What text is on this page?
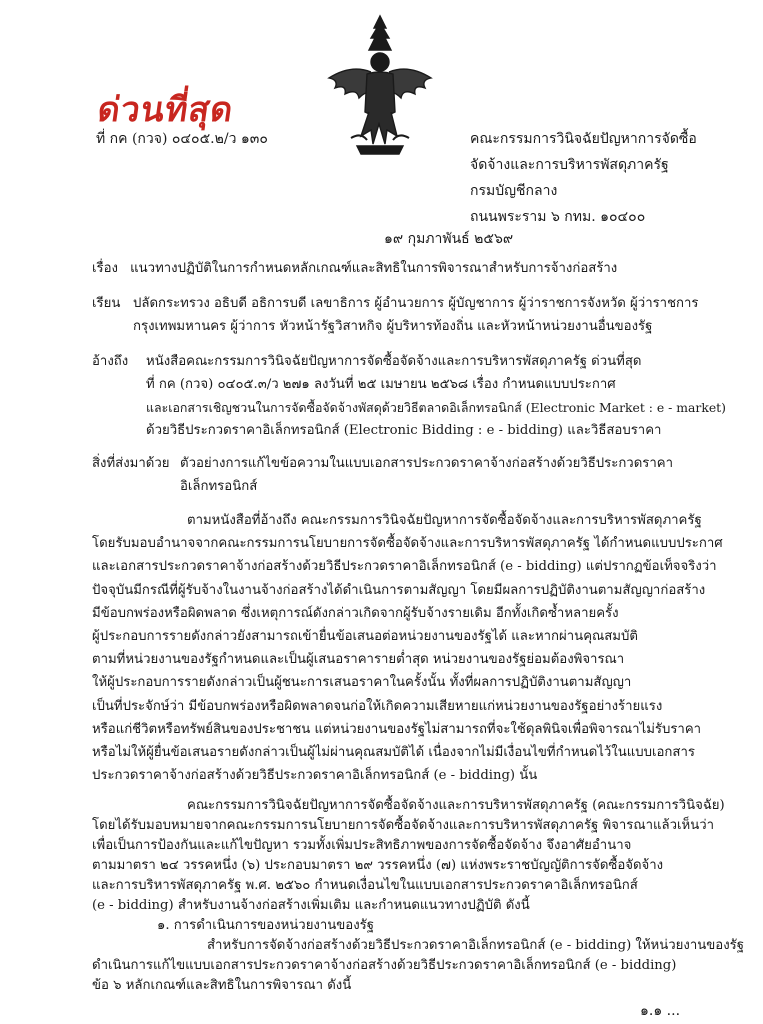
ด่วนที่สุด
ที่ กค (กวจ) ๐๔๐๕.๒/ว ๑๓๐	คณะกรรมการวินิจฉัยปัญหาการจัดซื้อ
จัดจ้างและการบริหารพัสดุภาครัฐ
กรมบัญชีกลาง
ถนนพระราม ๖ กทม. ๑๐๔๐๐
๑๙ กุมภาพันธ์ ๒๕๖๙
เรื่อง แนวทางปฏิบัติในการกำหนดหลักเกณฑ์และสิทธิในการพิจารณาสำหรับการจ้างก่อสร้าง
เรียน ปลัดกระทรวง อธิบดี อธิการบดี เลขาธิการ ผู้อำนวยการ ผู้บัญชาการ ผู้ว่าราชการจังหวัด ผู้ว่าราชการ
กรุงเทพมหานคร ผู้ว่าการ หัวหน้ารัฐวิสาหกิจ ผู้บริหารท้องถิ่น และหัวหน้าหน่วยงานอื่นของรัฐ
อ้างถึง หนังสือคณะกรรมการวินิจฉัยปัญหาการจัดซื้อจัดจ้างและการบริหารพัสดุภาครัฐ ด่วนที่สุด
ที่ กค (กวจ) ๐๔๐๕.๓/ว ๒๗๑ ลงวันที่ ๒๕ เมษายน ๒๕๖๘ เรื่อง กำหนดแบบประกาศ
และเอกสารเชิญชวนในการจัดซื้อจัดจ้างพัสดุด้วยวิธีตลาดอิเล็กทรอนิกส์ (Electronic Market : e - market)
ด้วยวิธีประกวดราคาอิเล็กทรอนิกส์ (Electronic Bidding : e - bidding) และวิธีสอบราคา
สิ่งที่ส่งมาด้วย ตัวอย่างการแก้ไขข้อความในแบบเอกสารประกวดราคาจ้างก่อสร้างด้วยวิธีประกวดราคา
อิเล็กทรอนิกส์

ตามหนังสือที่อ้างถึง คณะกรรมการวินิจฉัยปัญหาการจัดซื้อจัดจ้างและการบริหารพัสดุภาครัฐ

โดยรับมอบอำนาจจากคณะกรรมการนโยบายการจัดซื้อจัดจ้างและการบริหารพัสดุภาครัฐ ได้กำหนดแบบประกาศ

และเอกสารประกวดราคาจ้างก่อสร้างด้วยวิธีประกวดราคาอิเล็กทรอนิกส์ (e - bidding) แต่ปรากฏข้อเท็จจริงว่า

ปัจจุบันมีกรณีที่ผู้รับจ้างในงานจ้างก่อสร้างได้ดำเนินการตามสัญญา โดยมีผลการปฏิบัติงานตามสัญญาก่อสร้าง

มีข้อบกพร่องหรือผิดพลาด ซึ่งเหตุการณ์ดังกล่าวเกิดจากผู้รับจ้างรายเดิม อีกทั้งเกิดซ้ำหลายครั้ง

ผู้ประกอบการรายดังกล่าวยังสามารถเข้ายื่นข้อเสนอต่อหน่วยงานของรัฐได้ และหากผ่านคุณสมบัติ

ตามที่หน่วยงานของรัฐกำหนดและเป็นผู้เสนอราคารายต่ำสุด หน่วยงานของรัฐย่อมต้องพิจารณา

ให้ผู้ประกอบการรายดังกล่าวเป็นผู้ชนะการเสนอราคาในครั้งนั้น ทั้งที่ผลการปฏิบัติงานตามสัญญา

เป็นที่ประจักษ์ว่า มีข้อบกพร่องหรือผิดพลาดจนก่อให้เกิดความเสียหายแก่หน่วยงานของรัฐอย่างร้ายแรง

หรือแก่ชีวิตหรือทรัพย์สินของประชาชน แต่หน่วยงานของรัฐไม่สามารถที่จะใช้ดุลพินิจเพื่อพิจารณาไม่รับราคา

หรือไม่ให้ผู้ยื่นข้อเสนอรายดังกล่าวเป็นผู้ไม่ผ่านคุณสมบัติได้ เนื่องจากไม่มีเงื่อนไขที่กำหนดไว้ในแบบเอกสาร

ประกวดราคาจ้างก่อสร้างด้วยวิธีประกวดราคาอิเล็กทรอนิกส์ (e - bidding) นั้น

คณะกรรมการวินิจฉัยปัญหาการจัดซื้อจัดจ้างและการบริหารพัสดุภาครัฐ (คณะกรรมการวินิจฉัย)

โดยได้รับมอบหมายจากคณะกรรมการนโยบายการจัดซื้อจัดจ้างและการบริหารพัสดุภาครัฐ พิจารณาแล้วเห็นว่า

เพื่อเป็นการป้องกันและแก้ไขปัญหา รวมทั้งเพิ่มประสิทธิภาพของการจัดซื้อจัดจ้าง จึงอาศัยอำนาจ

ตามมาตรา ๒๔ วรรคหนึ่ง (๖) ประกอบมาตรา ๒๙ วรรคหนึ่ง (๗) แห่งพระราชบัญญัติการจัดซื้อจัดจ้าง

และการบริหารพัสดุภาครัฐ พ.ศ. ๒๕๖๐ กำหนดเงื่อนไขในแบบเอกสารประกวดราคาอิเล็กทรอนิกส์

(e - bidding) สำหรับงานจ้างก่อสร้างเพิ่มเติม และกำหนดแนวทางปฏิบัติ ดังนี้

๑. การดำเนินการของหน่วยงานของรัฐ

สำหรับการจัดจ้างก่อสร้างด้วยวิธีประกวดราคาอิเล็กทรอนิกส์ (e - bidding) ให้หน่วยงานของรัฐ

ดำเนินการแก้ไขแบบเอกสารประกวดราคาจ้างก่อสร้างด้วยวิธีประกวดราคาอิเล็กทรอนิกส์ (e - bidding)

ข้อ ๖ หลักเกณฑ์และสิทธิในการพิจารณา ดังนี้

๑.๑ ...
